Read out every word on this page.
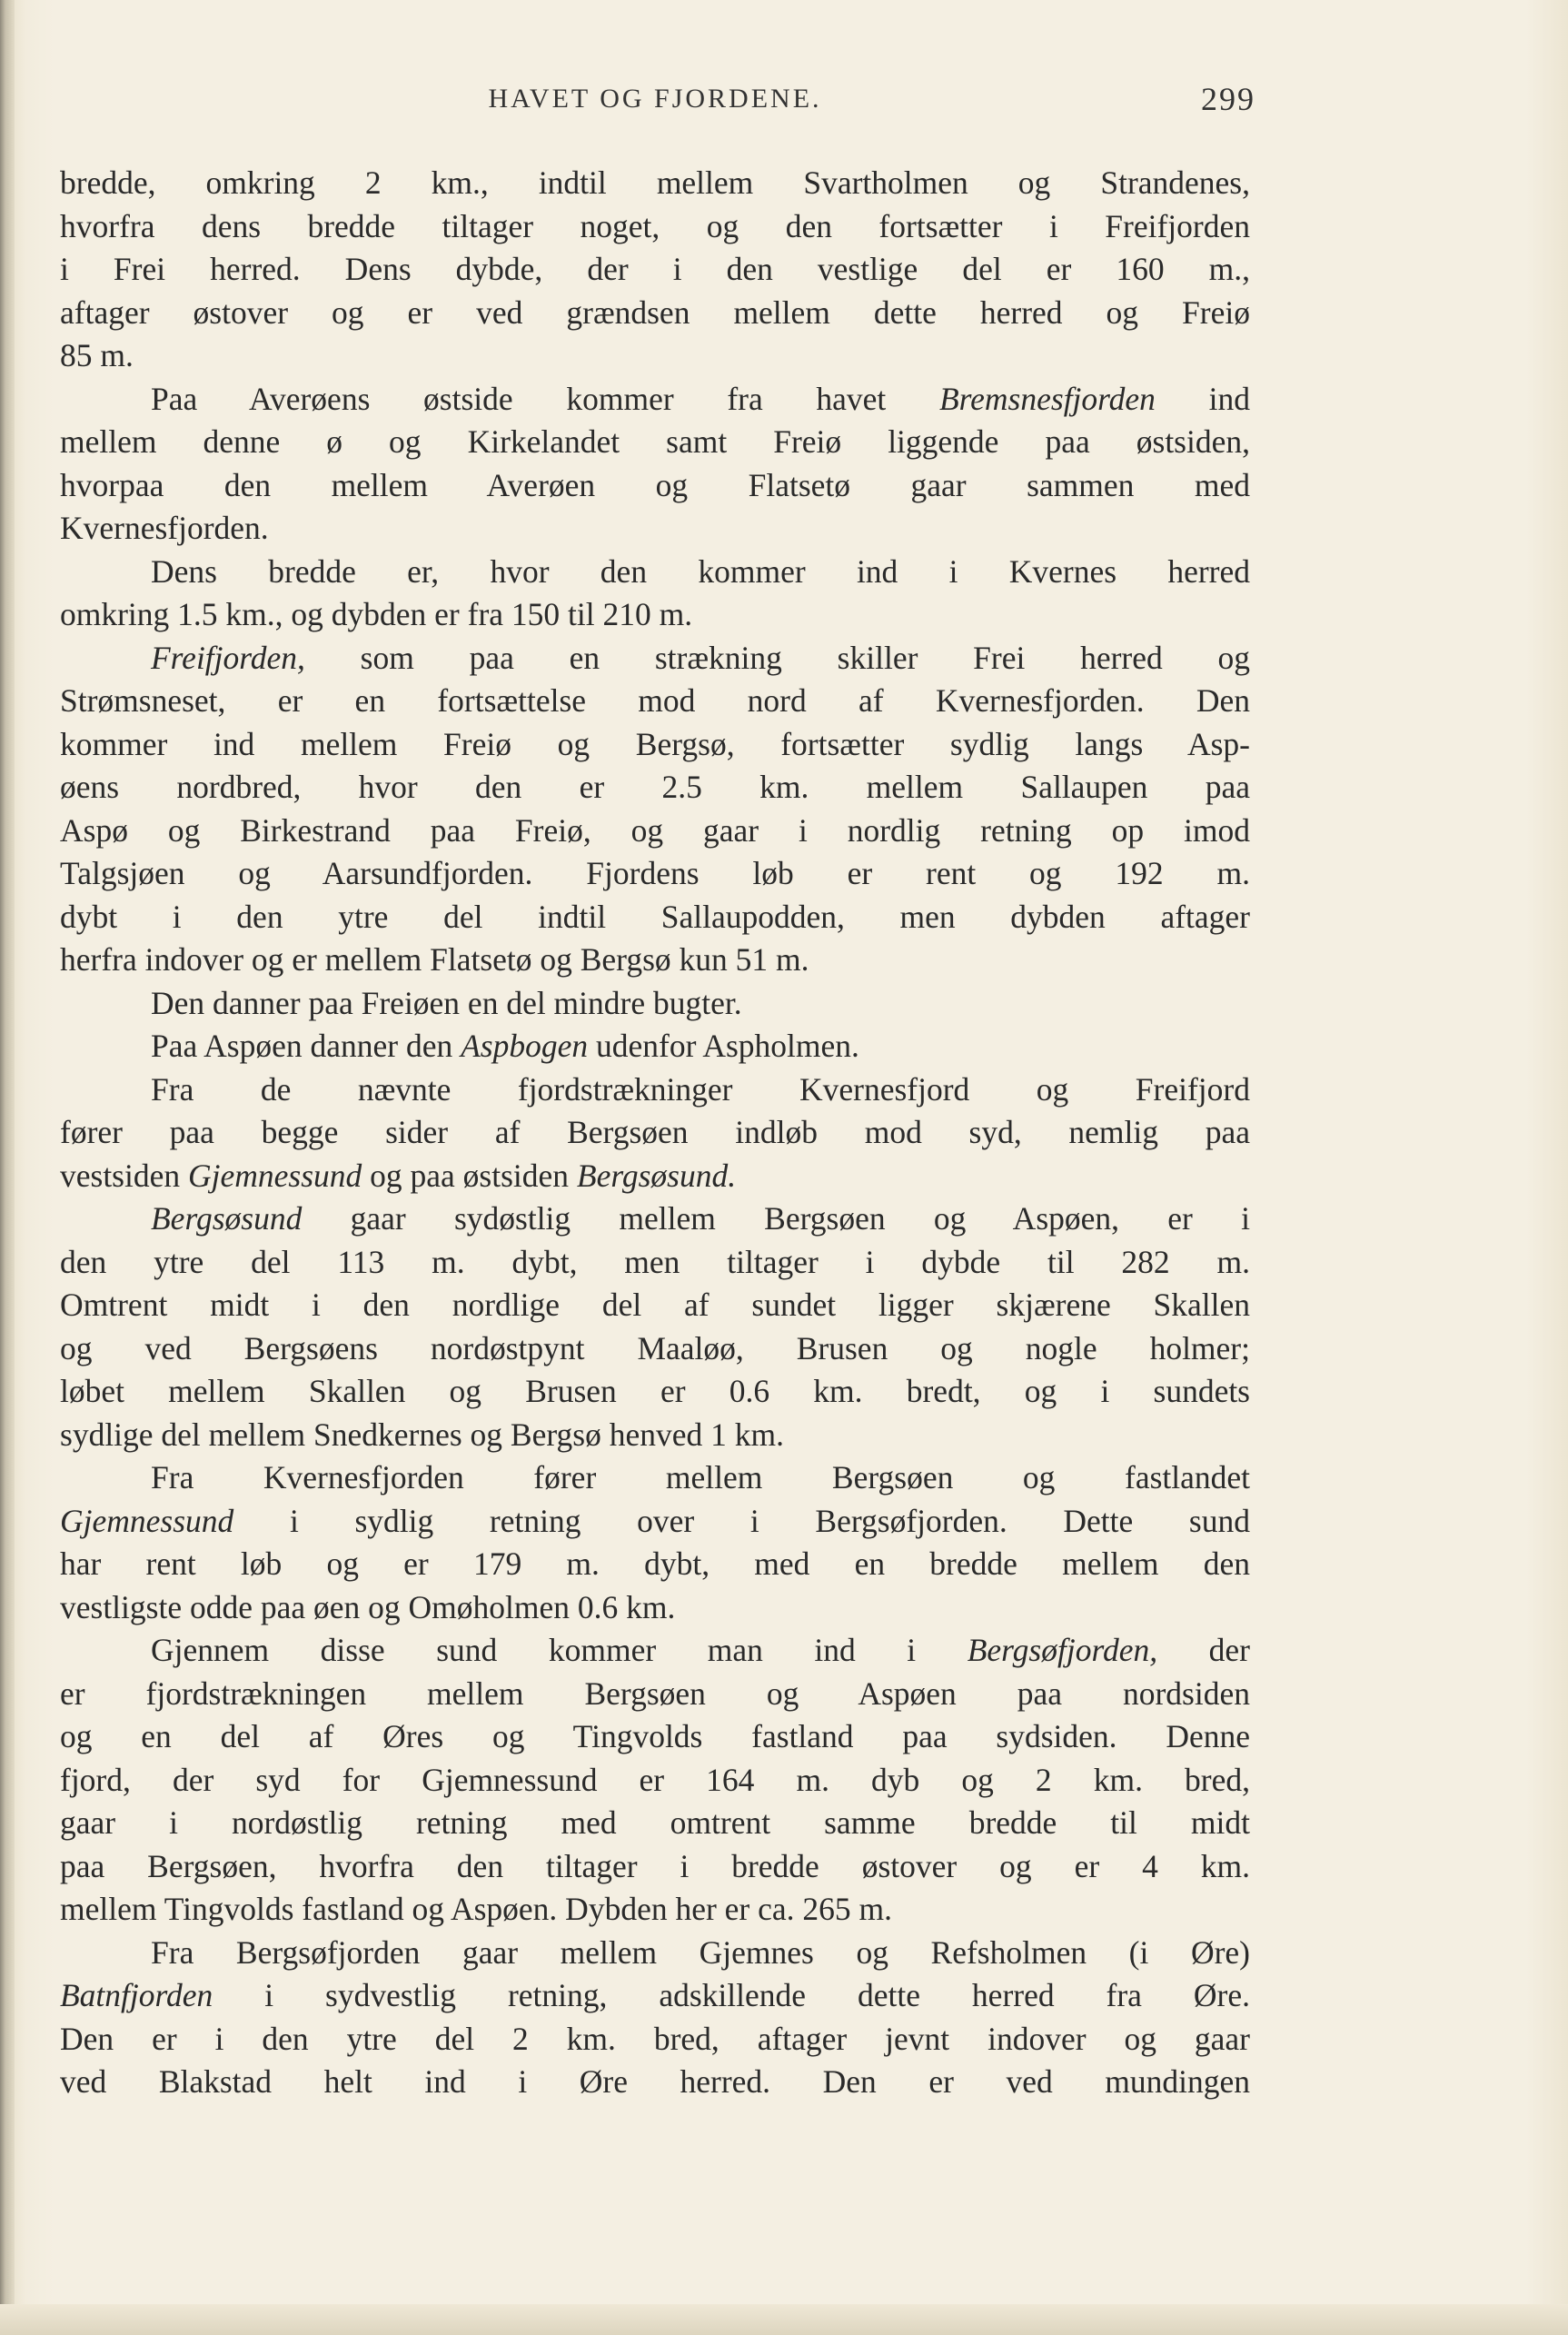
HAVET OG FJORDENE.	299
bredde, omkring 2 km., indtil mellem Svartholmen og Strandenes,
hvorfra dens bredde tiltager noget, og den fortsætter i Freifjorden
i Frei herred. Dens dybde, der i den vestlige del er 160 m.,
aftager østover og er ved grændsen mellem dette herred og Freiø
85 m.
Paa Averøens østside kommer fra havet Bremsnesfjorden ind
mellem denne ø og Kirkelandet samt Freiø liggende paa østsiden,
hvorpaa den mellem Averøen og Flatsetø gaar sammen med
Kvernesfjorden.
Dens bredde er, hvor den kommer ind i Kvernes herred
omkring 1.5 km., og dybden er fra 150 til 210 m.
Freifjorden, som paa en strækning skiller Frei herred og
Strømsneset, er en fortsættelse mod nord af Kvernesfjorden. Den
kommer ind mellem Freiø og Bergsø, fortsætter sydlig langs Asp-
øens nordbred, hvor den er 2.5 km. mellem Sallaupen paa
Aspø og Birkestrand paa Freiø, og gaar i nordlig retning op imod
Talgsjøen og Aarsundfjorden. Fjordens løb er rent og 192 m.
dybt i den ytre del indtil Sallaupodden, men dybden aftager
herfra indover og er mellem Flatsetø og Bergsø kun 51 m.
Den danner paa Freiøen en del mindre bugter.
Paa Aspøen danner den Aspbogen udenfor Aspholmen.
Fra de nævnte fjordstrækninger Kvernesfjord og Freifjord
fører paa begge sider af Bergsøen indløb mod syd, nemlig paa
vestsiden Gjemnessund og paa østsiden Bergsøsund.
Bergsøsund gaar sydøstlig mellem Bergsøen og Aspøen, er i
den ytre del 113 m. dybt, men tiltager i dybde til 282 m.
Omtrent midt i den nordlige del af sundet ligger skjærene Skallen
og ved Bergsøens nordøstpynt Maaløø, Brusen og nogle holmer;
løbet mellem Skallen og Brusen er 0.6 km. bredt, og i sundets
sydlige del mellem Snedkernes og Bergsø henved 1 km.
Fra Kvernesfjorden fører mellem Bergsøen og fastlandet
Gjemnessund i sydlig retning over i Bergsøfjorden. Dette sund
har rent løb og er 179 m. dybt, med en bredde mellem den
vestligste odde paa øen og Omøholmen 0.6 km.
Gjennem disse sund kommer man ind i Bergsøfjorden, der
er fjordstrækningen mellem Bergsøen og Aspøen paa nordsiden
og en del af Øres og Tingvolds fastland paa sydsiden. Denne
fjord, der syd for Gjemnessund er 164 m. dyb og 2 km. bred,
gaar i nordøstlig retning med omtrent samme bredde til midt
paa Bergsøen, hvorfra den tiltager i bredde østover og er 4 km.
mellem Tingvolds fastland og Aspøen. Dybden her er ca. 265 m.
Fra Bergsøfjorden gaar mellem Gjemnes og Refsholmen (i Øre)
Batnfjorden i sydvestlig retning, adskillende dette herred fra Øre.
Den er i den ytre del 2 km. bred, aftager jevnt indover og gaar
ved Blakstad helt ind i Øre herred. Den er ved mundingen
